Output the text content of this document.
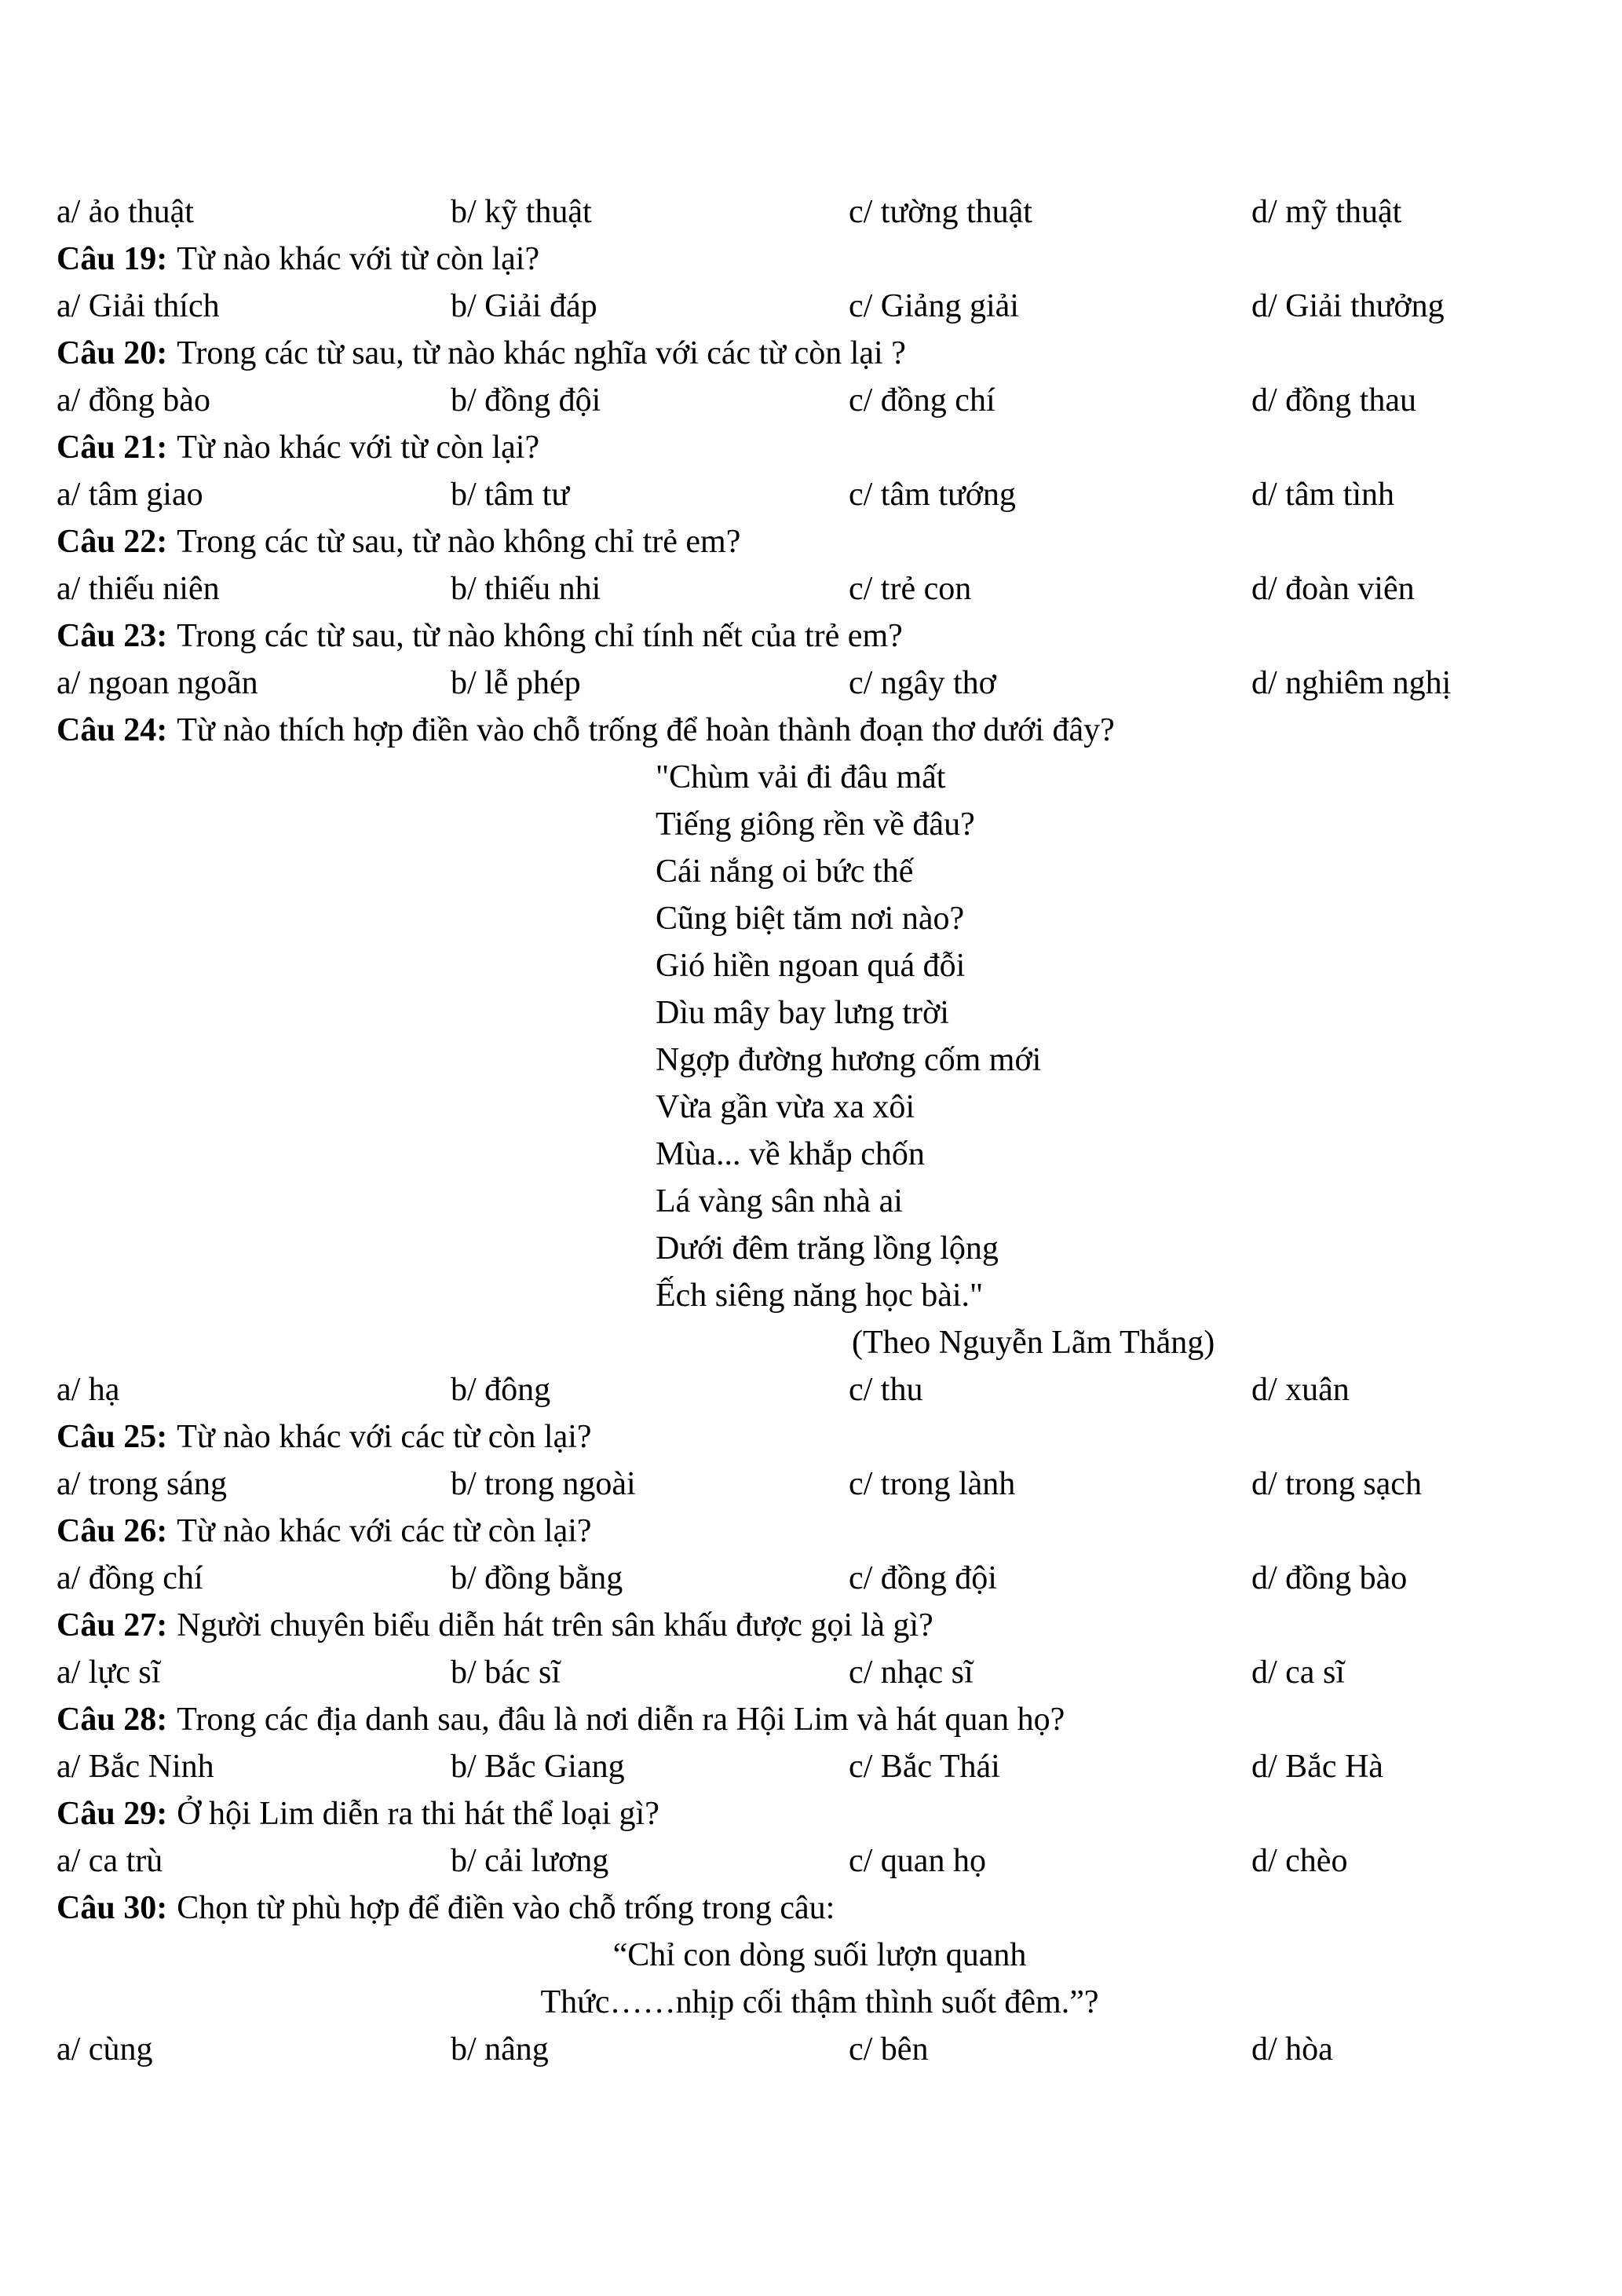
a/ ảo thuật	b/ kỹ thuật	c/ tường thuật	d/ mỹ thuật
Câu 19: Từ nào khác với từ còn lại?
a/ Giải thích	b/ Giải đáp	c/ Giảng giải	d/ Giải thưởng
Câu 20: Trong các từ sau, từ nào khác nghĩa với các từ còn lại ?
a/ đồng bào	b/ đồng đội	c/ đồng chí	d/ đồng thau
Câu 21: Từ nào khác với từ còn lại?
a/ tâm giao	b/ tâm tư	c/ tâm tướng	d/ tâm tình
Câu 22: Trong các từ sau, từ nào không chỉ trẻ em?
a/ thiếu niên	b/ thiếu nhi	c/ trẻ con	d/ đoàn viên
Câu 23: Trong các từ sau, từ nào không chỉ tính nết của trẻ em?
a/ ngoan ngoãn	b/ lễ phép	c/ ngây thơ	d/ nghiêm nghị
Câu 24: Từ nào thích hợp điền vào chỗ trống để hoàn thành đoạn thơ dưới đây?
"Chùm vải đi đâu mất
Tiếng giông rền về đâu?
Cái nắng oi bức thế
Cũng biệt tăm nơi nào?
Gió hiền ngoan quá đỗi
Dìu mây bay lưng trời
Ngợp đường hương cốm mới
Vừa gần vừa xa xôi
Mùa... về khắp chốn
Lá vàng sân nhà ai
Dưới đêm trăng lồng lộng
Ếch siêng năng học bài."
(Theo Nguyễn Lãm Thắng)
a/ hạ	b/ đông	c/ thu	d/ xuân
Câu 25: Từ nào khác với các từ còn lại?
a/ trong sáng	b/ trong ngoài	c/ trong lành	d/ trong sạch
Câu 26: Từ nào khác với các từ còn lại?
a/ đồng chí	b/ đồng bằng	c/ đồng đội	d/ đồng bào
Câu 27: Người chuyên biểu diễn hát trên sân khấu được gọi là gì?
a/ lực sĩ	b/ bác sĩ	c/ nhạc sĩ	d/ ca sĩ
Câu 28: Trong các địa danh sau, đâu là nơi diễn ra Hội Lim và hát quan họ?
a/ Bắc Ninh	b/ Bắc Giang	c/ Bắc Thái	d/ Bắc Hà
Câu 29: Ở hội Lim diễn ra thi hát thể loại gì?
a/ ca trù	b/ cải lương	c/ quan họ	d/ chèo
Câu 30: Chọn từ phù hợp để điền vào chỗ trống trong câu:
“Chỉ con dòng suối lượn quanh
Thức……nhịp cối thậm thình suốt đêm.”?
a/ cùng	b/ nâng	c/ bên	d/ hòa
